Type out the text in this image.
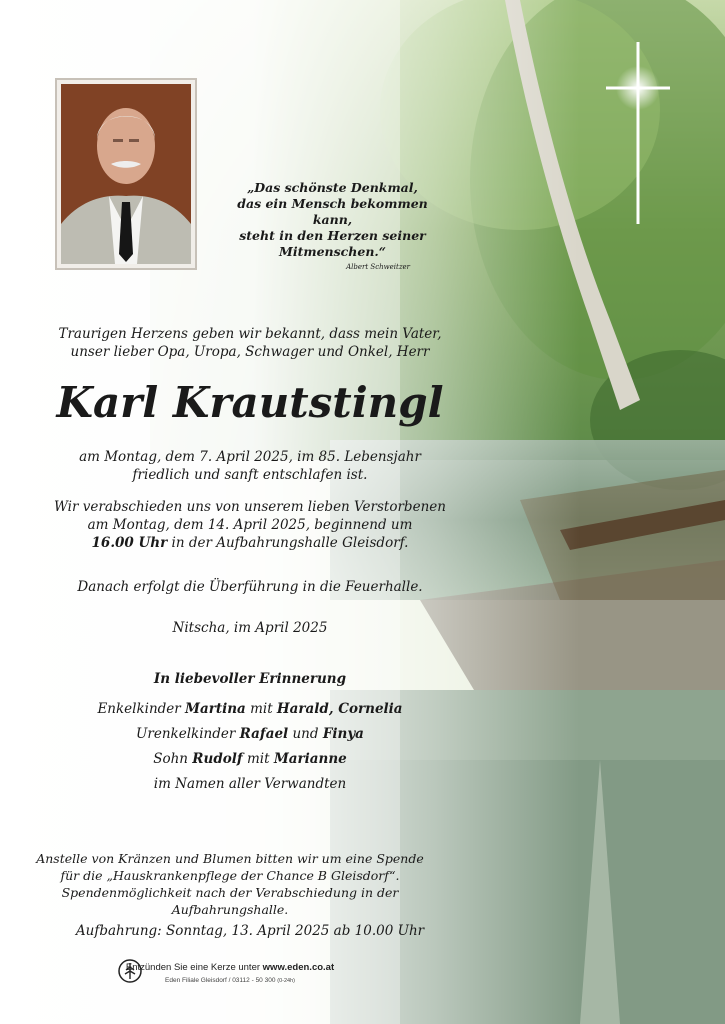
„Das schönste Denkmal,
das ein Mensch bekommen kann,
steht in den Herzen seiner
Mitmenschen.“
Albert Schweitzer
Traurigen Herzens geben wir bekannt, dass mein Vater,
unser lieber Opa, Uropa, Schwager und Onkel, Herr
Karl Krautstingl
am Montag, dem 7. April 2025, im 85. Lebensjahr
friedlich und sanft entschlafen ist.
Wir verabschieden uns von unserem lieben Verstorbenen
am Montag, dem 14. April 2025, beginnend um
16.00 Uhr in der Aufbahrungshalle Gleisdorf.
Danach erfolgt die Überführung in die Feuerhalle.
Nitscha, im April 2025
In liebevoller Erinnerung
Enkelkinder Martina mit Harald, Cornelia
Urenkelkinder Rafael und Finya
Sohn Rudolf mit Marianne
im Namen aller Verwandten
Anstelle von Kränzen und Blumen bitten wir um eine Spende
für die „Hauskrankenpflege der Chance B Gleisdorf“.
Spendenmöglichkeit nach der Verabschiedung in der Aufbahrungshalle.
Aufbahrung: Sonntag, 13. April 2025 ab 10.00 Uhr
Entzünden Sie eine Kerze unter www.eden.co.at
Eden Filiale Gleisdorf / 03112 - 50 300 (0-24h)
